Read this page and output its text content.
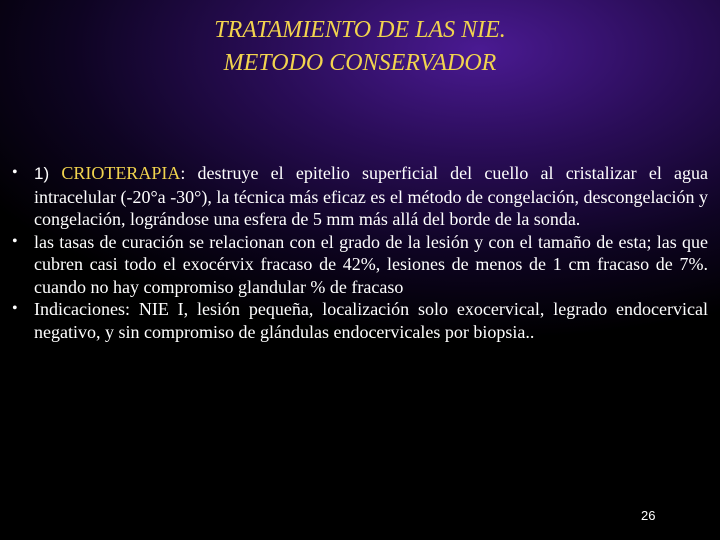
TRATAMIENTO DE LAS NIE.
METODO CONSERVADOR
• 1) CRIOTERAPIA: destruye el epitelio superficial del cuello al cristalizar el agua intracelular (-20°a -30°), la técnica más eficaz es el método de congelación, descongelación y congelación, lográndose una esfera de 5 mm más allá del borde de la sonda.
• las tasas de curación se relacionan con el grado de la lesión y con el tamaño de esta; las que cubren casi todo el exocérvix fracaso de 42%, lesiones de menos de 1 cm fracaso de 7%. cuando no hay compromiso glandular % de fracaso
• Indicaciones: NIE I, lesión pequeña, localización solo exocervical, legrado endocervical negativo, y sin compromiso de glándulas endocervicales por biopsia..
26
